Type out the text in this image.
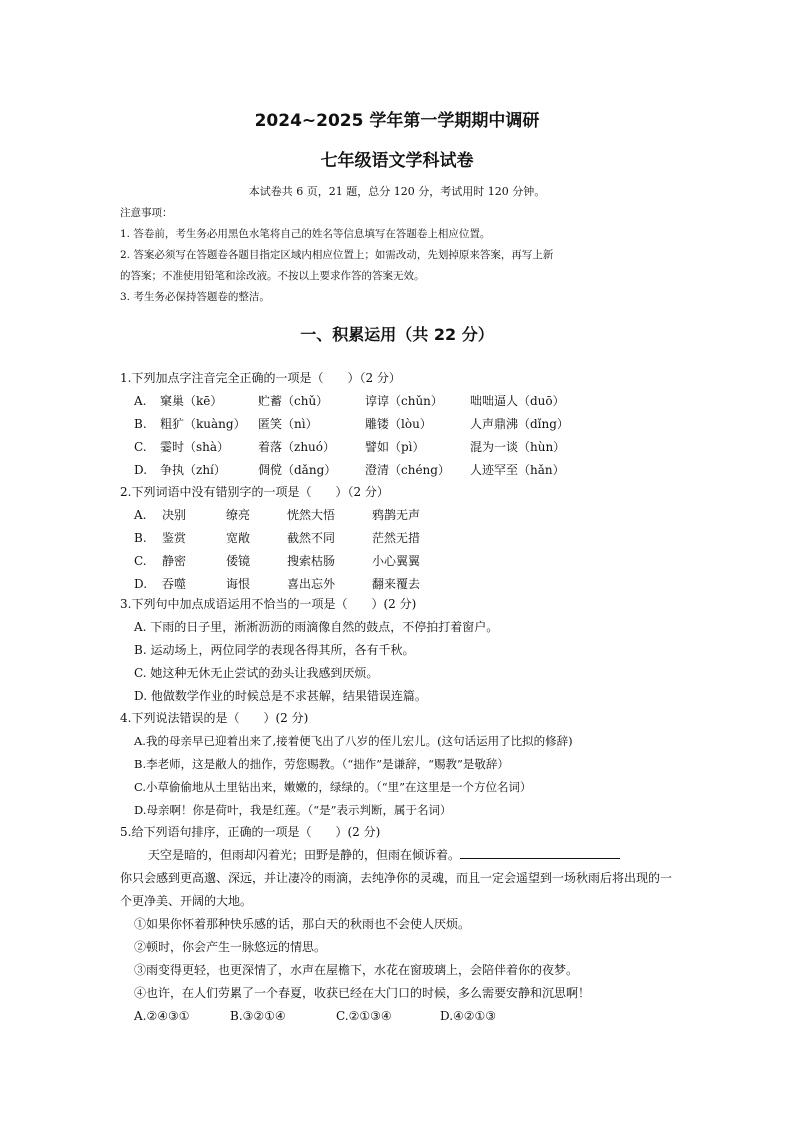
2024~2025 学年第一学期期中调研
七年级语文学科试卷
本试卷共 6 页，21 题，总分 120 分，考试用时 120 分钟。
注意事项：
1. 答卷前，考生务必用黑色水笔将自己的姓名等信息填写在答题卷上相应位置。
2. 答案必须写在答题卷各题目指定区域内相应位置上；如需改动，先划掉原来答案，再写上新
的答案；不准使用铅笔和涂改液。不按以上要求作答的答案无效。
3. 考生务必保持答题卷的整洁。
一、积累运用（共 22 分）
1.下列加点字注音完全正确的一项是（　　）（2 分）
A. 窠巢（kē）	贮蓄（chǔ）	谆谆（chǔn） 咄咄逼人（duō）
B. 粗犷（kuàng） 匿笑（nì）	雕镂（lòu）	人声鼎沸（dǐng）
C. 霎时（shà） 着落（zhuó） 譬如（pì）	混为一谈（hùn）
D. 争执（zhí）	倜傥（dǎng） 澄清（chéng） 人迹罕至（hǎn）
2.下列词语中没有错别字的一项是（　　）（2 分）
A. 决别	缭亮	恍然大悟	鸦鹊无声
B. 鉴赏	宽敞	截然不同	茫然无措
C. 静密	倭镜	搜索枯肠	小心翼翼
D. 吞噬	诲恨	喜出忘外	翻来覆去
3.下列句中加点成语运用不恰当的一项是（　　）(2 分)
A. 下雨的日子里，淅淅沥沥的雨滴像自然的鼓点，不停拍打着窗户。
B. 运动场上，两位同学的表现各得其所，各有千秋。
C. 她这种无休无止尝试的劲头让我感到厌烦。
D. 他做数学作业的时候总是不求甚解，结果错误连篇。
4.下列说法错误的是（　　）(2 分)
A.我的母亲早已迎着出来了,接着便飞出了八岁的侄儿宏儿。(这句话运用了比拟的修辞)
B.李老师，这是敝人的拙作，劳您赐教。（“拙作”是谦辞，“赐教”是敬辞）
C.小草偷偷地从土里钻出来，嫩嫩的，绿绿的。（“里”在这里是一个方位名词）
D.母亲啊！你是荷叶，我是红莲。（“是”表示判断，属于名词）
5.给下列语句排序，正确的一项是（　　）(2 分)
天空是暗的，但雨却闪着光；田野是静的，但雨在倾诉着。
你只会感到更高邈、深远，并让凄冷的雨滴，去纯净你的灵魂，而且一定会遥望到一场秋雨后将出现的一个更净美、开阔的大地。
①如果你怀着那种快乐感的话，那白天的秋雨也不会使人厌烦。
②顿时，你会产生一脉悠远的情思。
③雨变得更轻，也更深情了，水声在屋檐下，水花在窗玻璃上，会陪伴着你的夜梦。
④也许，在人们劳累了一个春夏，收获已经在大门口的时候，多么需要安静和沉思啊！
A.②④③①	B.③②①④	C.②①③④	D.④②①③
